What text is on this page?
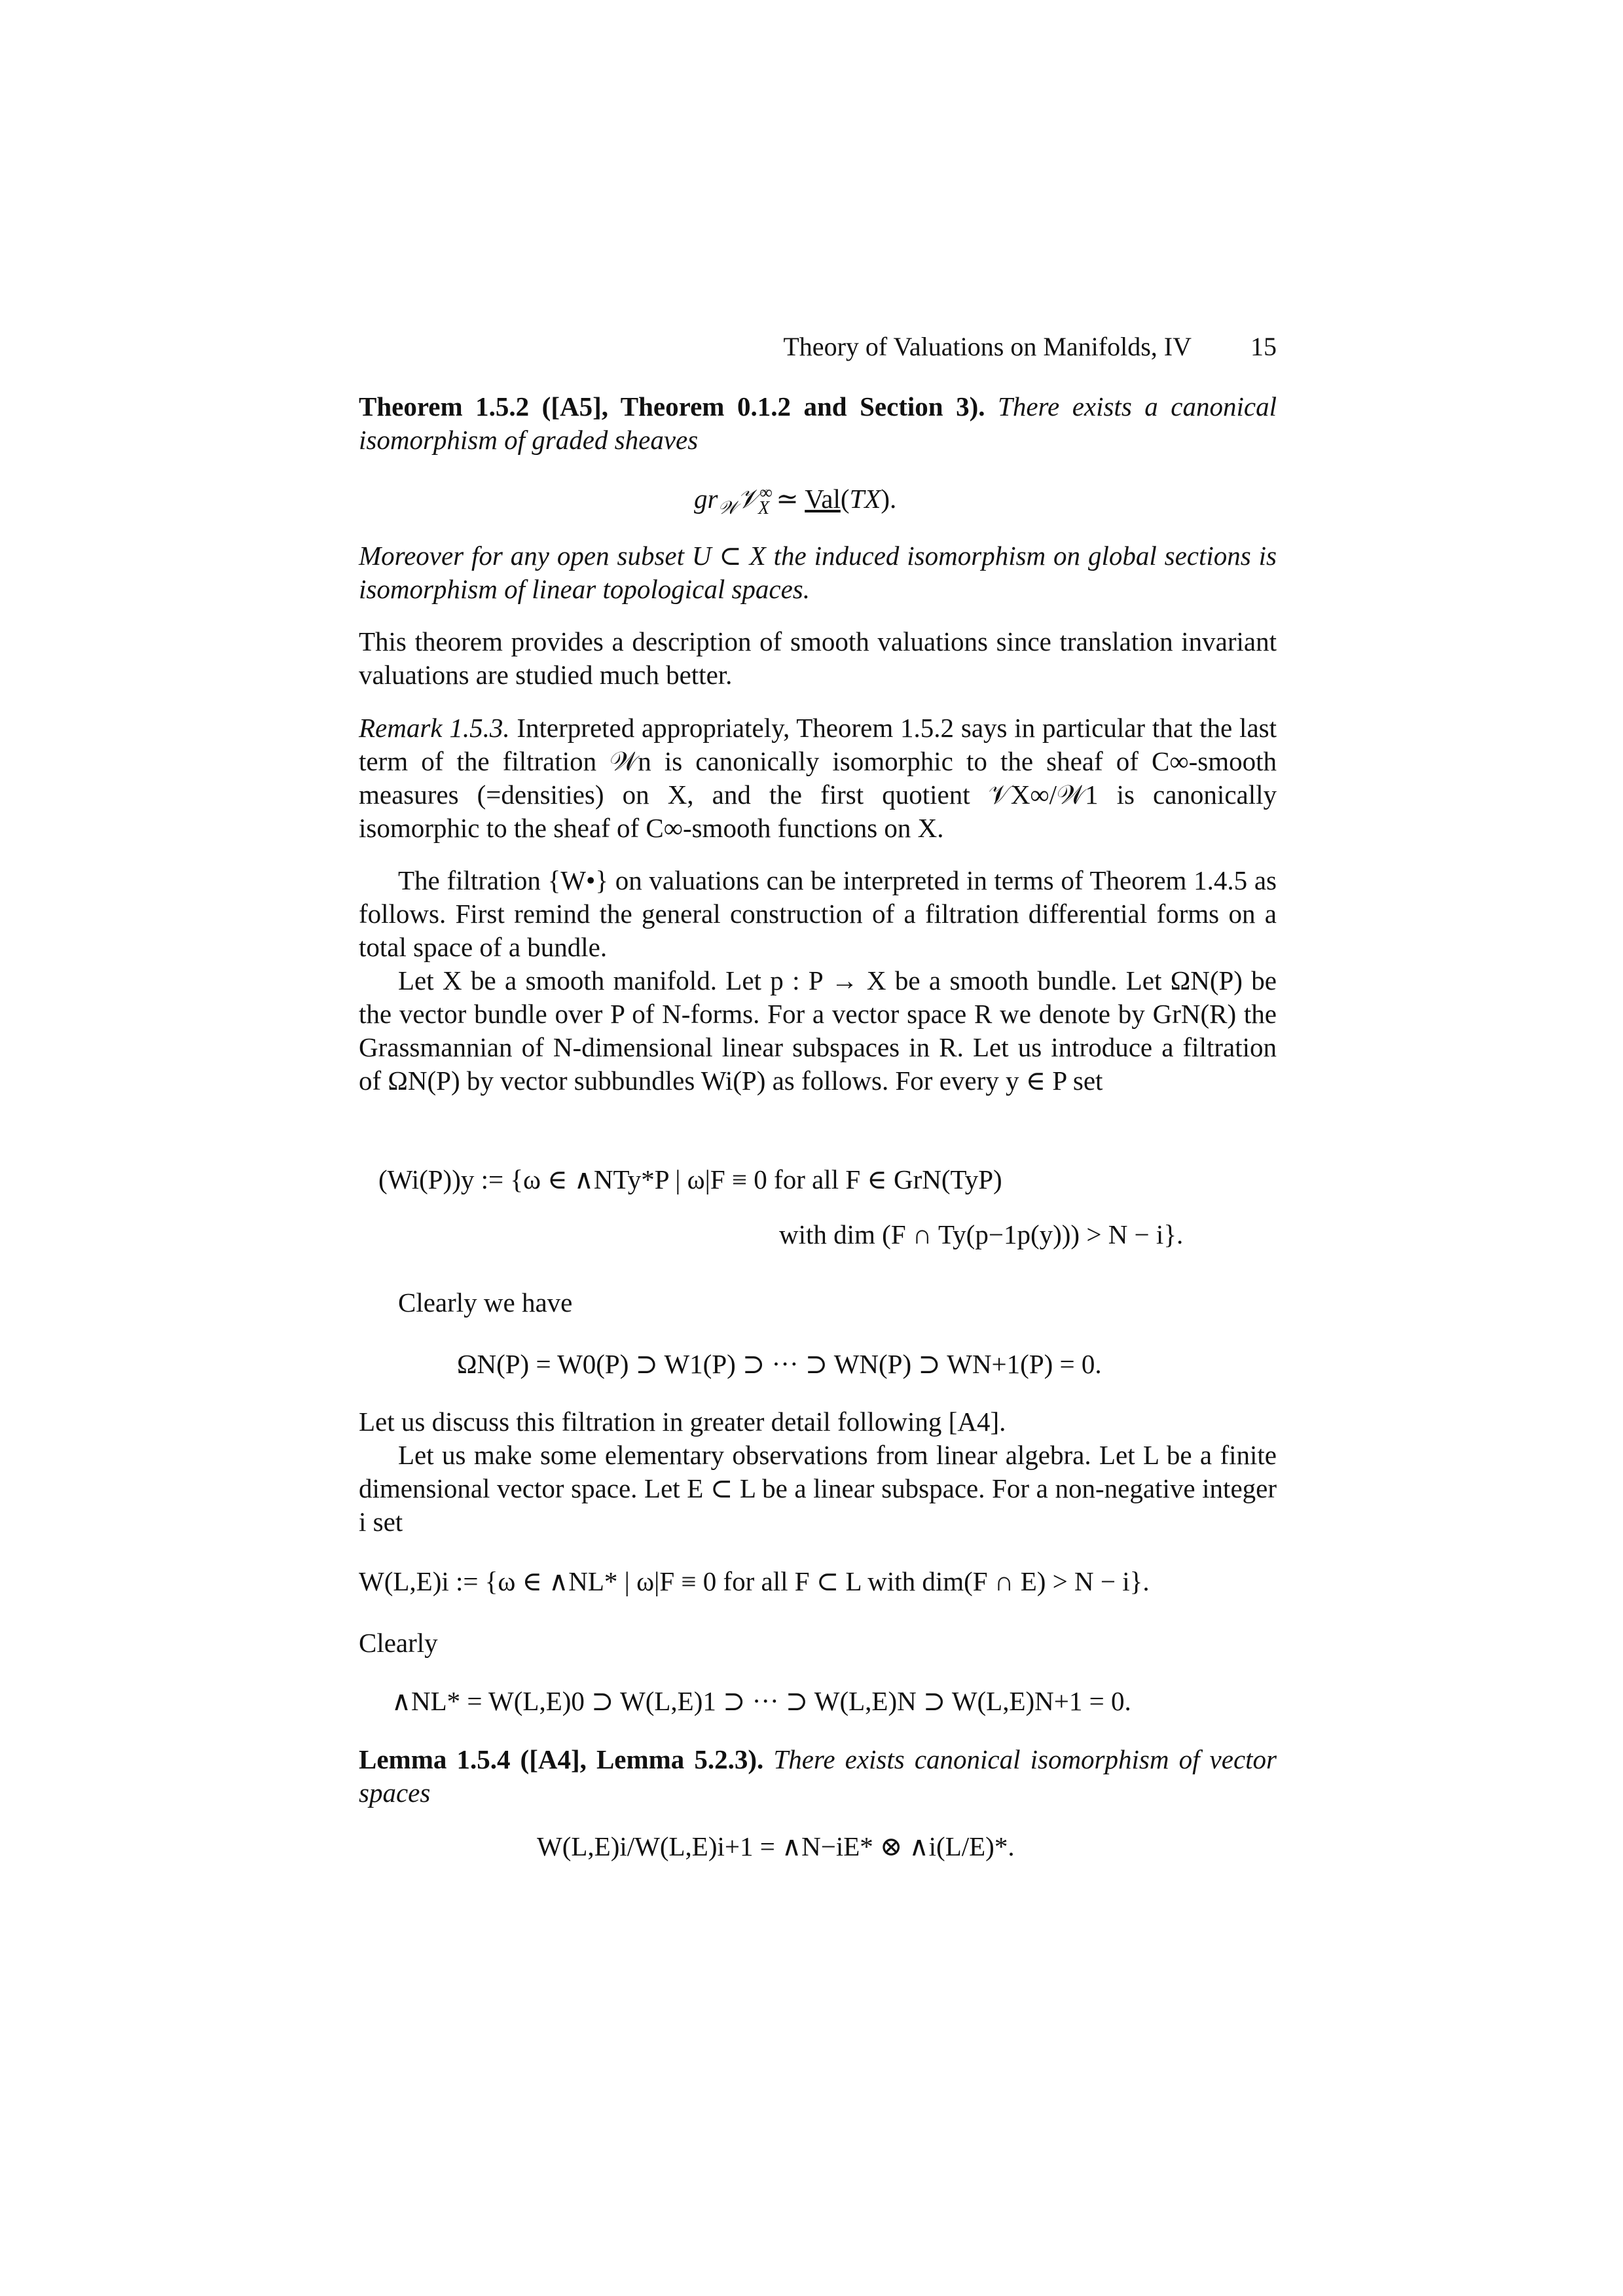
Theory of Valuations on Manifolds, IV 15

Theorem 1.5.2 ([A5], Theorem 0.1.2 and Section 3). There exists a canonical isomorphism of graded sheaves

$gr_𝒲𝒱^\infty_X$ ≃ Val(TX).

Moreover for any open subset U ⊂ X the induced isomorphism on global sections is isomorphism of linear topological spaces.

This theorem provides a description of smooth valuations since translation invariant valuations are studied much better.

Remark 1.5.3. Interpreted appropriately, Theorem 1.5.2 says in particular that the last term of the filtration 𝒲n is canonically isomorphic to the sheaf of C∞-smooth measures (=densities) on X, and the first quotient 𝒱X∞/𝒲1 is canonically isomorphic to the sheaf of C∞-smooth functions on X.

The filtration {W•} on valuations can be interpreted in terms of Theorem 1.4.5 as follows. First remind the general construction of a filtration differential forms on a total space of a bundle.

Let X be a smooth manifold. Let p : P → X be a smooth bundle. Let ΩN(P) be the vector bundle over P of N-forms. For a vector space R we denote by GrN(R) the Grassmannian of N-dimensional linear subspaces in R. Let us introduce a filtration of ΩN(P) by vector subbundles Wi(P) as follows. For every y ∈ P set

(Wi(P))y := {ω ∈ ∧NTy*P | ω|F ≡ 0 for all F ∈ GrN(TyP)
with dim (F ∩ Ty(p−1p(y))) > N − i}.

Clearly we have

ΩN(P) = W0(P) ⊃ W1(P) ⊃ ··· ⊃ WN(P) ⊃ WN+1(P) = 0.

Let us discuss this filtration in greater detail following [A4].

Let us make some elementary observations from linear algebra. Let L be a finite dimensional vector space. Let E ⊂ L be a linear subspace. For a non-negative integer i set

W(L,E)i := {ω ∈ ∧NL* | ω|F ≡ 0 for all F ⊂ L with dim(F ∩ E) > N − i}.

Clearly

∧NL* = W(L,E)0 ⊃ W(L,E)1 ⊃ ··· ⊃ W(L,E)N ⊃ W(L,E)N+1 = 0.

Lemma 1.5.4 ([A4], Lemma 5.2.3). There exists canonical isomorphism of vector spaces

W(L,E)i/W(L,E)i+1 = ∧N−iE* ⊗ ∧i(L/E)*.
